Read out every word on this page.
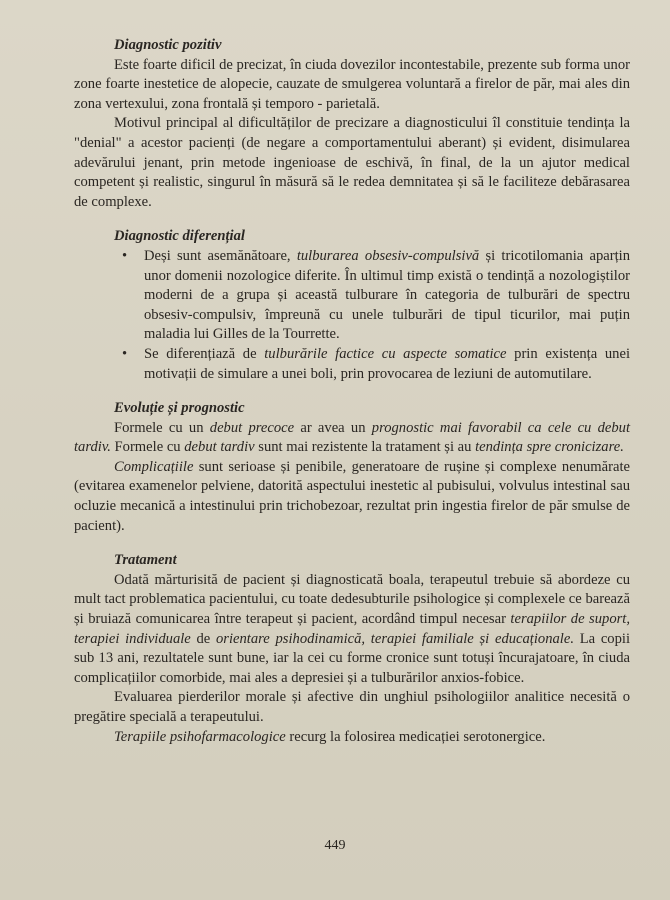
Diagnostic pozitiv

Este foarte dificil de precizat, în ciuda dovezilor incontestabile, prezente sub forma unor zone foarte inestetice de alopecie, cauzate de smulgerea voluntară a firelor de păr, mai ales din zona vertexului, zona frontală și temporo - parietală.

Motivul principal al dificultăților de precizare a diagnosticului îl constituie tendința la "denial" a acestor pacienți (de negare a comportamentului aberant) și evident, disimularea adevărului jenant, prin metode ingenioase de eschivă, în final, de la un ajutor medical competent și realistic, singurul în măsură să le redea demnitatea și să le faciliteze debărasarea de complexe.

Diagnostic diferențial
• Deși sunt asemănătoare, tulburarea obsesiv-compulsivă și tricotilomania aparțin unor domenii nozologice diferite. În ultimul timp există o tendință a nozologiștilor moderni de a grupa și această tulburare în categoria de tulburări de spectru obsesiv-compulsiv, împreună cu unele tulburări de tipul ticurilor, mai puțin maladia lui Gilles de la Tourrette.
• Se diferențiază de tulburările factice cu aspecte somatice prin existența unei motivații de simulare a unei boli, prin provocarea de leziuni de automutilare.
Evoluție și prognostic

Formele cu un debut precoce ar avea un prognostic mai favorabil ca cele cu debut tardiv. Formele cu debut tardiv sunt mai rezistente la tratament și au tendința spre cronicizare.

Complicațiile sunt serioase și penibile, generatoare de rușine și complexe nenumărate (evitarea examenelor pelviene, datorită aspectului inestetic al pubisului, volvulus intestinal sau ocluzie mecanică a intestinului prin trichobezoar, rezultat prin ingestia firelor de păr smulse de pacient).

Tratament

Odată mărturisită de pacient și diagnosticată boala, terapeutul trebuie să abordeze cu mult tact problematica pacientului, cu toate dedesubturile psihologice și complexele ce barează și bruiază comunicarea între terapeut și pacient, acordând timpul necesar terapiilor de suport, terapiei individuale de orientare psihodinamică, terapiei familiale și educaționale. La copii sub 13 ani, rezultatele sunt bune, iar la cei cu forme cronice sunt totuși încurajatoare, în ciuda complicațiilor comorbide, mai ales a depresiei și a tulburărilor anxios-fobice.

Evaluarea pierderilor morale și afective din unghiul psihologiilor analitice necesită o pregătire specială a terapeutului.

Terapiile psihofarmacologice recurg la folosirea medicației serotonergice.

449
